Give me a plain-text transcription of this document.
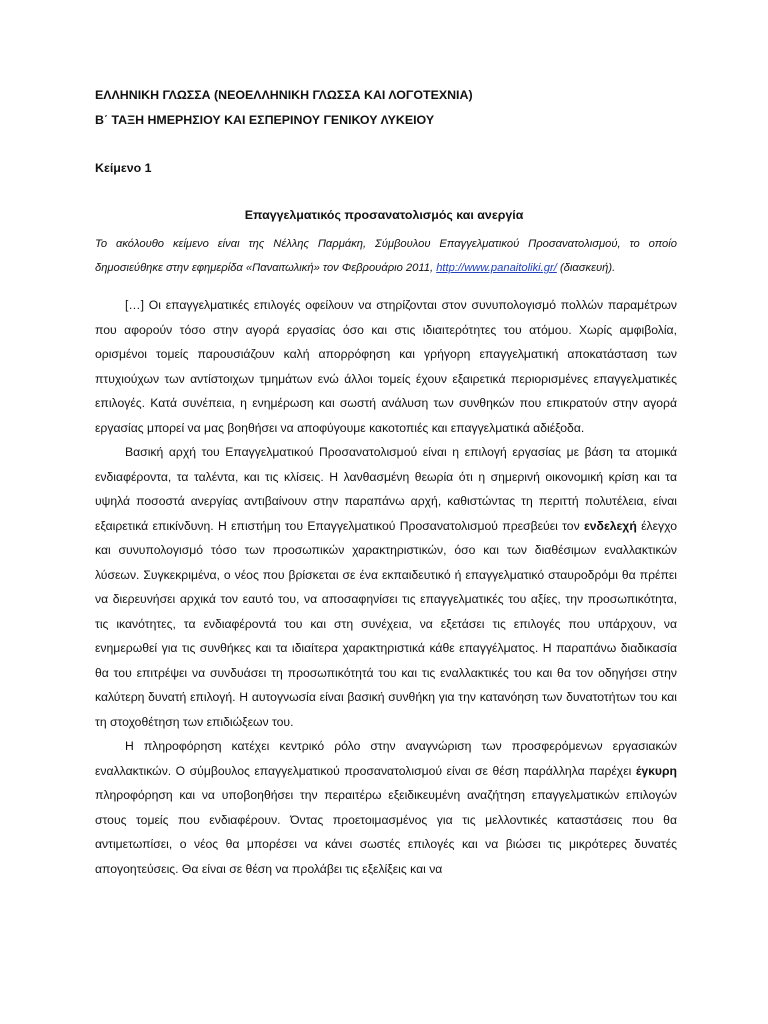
ΕΛΛΗΝΙΚΗ ΓΛΩΣΣΑ (ΝΕΟΕΛΛΗΝΙΚΗ ΓΛΩΣΣΑ ΚΑΙ ΛΟΓΟΤΕΧΝΙΑ)
Β΄ ΤΑΞΗ ΗΜΕΡΗΣΙΟΥ ΚΑΙ ΕΣΠΕΡΙΝΟΥ ΓΕΝΙΚΟΥ ΛΥΚΕΙΟΥ
Κείμενο 1
Επαγγελματικός προσανατολισμός και ανεργία
Το ακόλουθο κείμενο είναι της Νέλλης Παρμάκη, Σύμβουλου Επαγγελματικού Προσανατολισμού, το οποίο δημοσιεύθηκε στην εφημερίδα «Παναιτωλική» τον Φεβρουάριο 2011, http://www.panaitoliki.gr/ (διασκευή).

[…] Οι επαγγελματικές επιλογές οφείλουν να στηρίζονται στον συνυπολογισμό πολλών παραμέτρων που αφορούν τόσο στην αγορά εργασίας όσο και στις ιδιαιτερότητες του ατόμου. Χωρίς αμφιβολία, ορισμένοι τομείς παρουσιάζουν καλή απορρόφηση και γρήγορη επαγγελματική αποκατάσταση των πτυχιούχων των αντίστοιχων τμημάτων ενώ άλλοι τομείς έχουν εξαιρετικά περιορισμένες επαγγελματικές επιλογές. Κατά συνέπεια, η ενημέρωση και σωστή ανάλυση των συνθηκών που επικρατούν στην αγορά εργασίας μπορεί να μας βοηθήσει να αποφύγουμε κακοτοπιές και επαγγελματικά αδιέξοδα.

Βασική αρχή του Επαγγελματικού Προσανατολισμού είναι η επιλογή εργασίας με βάση τα ατομικά ενδιαφέροντα, τα ταλέντα, και τις κλίσεις. Η λανθασμένη θεωρία ότι η σημερινή οικονομική κρίση και τα υψηλά ποσοστά ανεργίας αντιβαίνουν στην παραπάνω αρχή, καθιστώντας τη περιττή πολυτέλεια, είναι εξαιρετικά επικίνδυνη. Η επιστήμη του Επαγγελματικού Προσανατολισμού πρεσβεύει τον ενδελεχή έλεγχο και συνυπολογισμό τόσο των προσωπικών χαρακτηριστικών, όσο και των διαθέσιμων εναλλακτικών λύσεων. Συγκεκριμένα, ο νέος που βρίσκεται σε ένα εκπαιδευτικό ή επαγγελματικό σταυροδρόμι θα πρέπει να διερευνήσει αρχικά τον εαυτό του, να αποσαφηνίσει τις επαγγελματικές του αξίες, την προσωπικότητα, τις ικανότητες, τα ενδιαφέροντά του και στη συνέχεια, να εξετάσει τις επιλογές που υπάρχουν, να ενημερωθεί για τις συνθήκες και τα ιδιαίτερα χαρακτηριστικά κάθε επαγγέλματος. Η παραπάνω διαδικασία θα του επιτρέψει να συνδυάσει τη προσωπικότητά του και τις εναλλακτικές του και θα τον οδηγήσει στην καλύτερη δυνατή επιλογή. Η αυτογνωσία είναι βασική συνθήκη για την κατανόηση των δυνατοτήτων του και τη στοχοθέτηση των επιδιώξεων του.

Η πληροφόρηση κατέχει κεντρικό ρόλο στην αναγνώριση των προσφερόμενων εργασιακών εναλλακτικών. Ο σύμβουλος επαγγελματικού προσανατολισμού είναι σε θέση παράλληλα παρέχει έγκυρη πληροφόρηση και να υποβοηθήσει την περαιτέρω εξειδικευμένη αναζήτηση επαγγελματικών επιλογών στους τομείς που ενδιαφέρουν. Όντας προετοιμασμένος για τις μελλοντικές καταστάσεις που θα αντιμετωπίσει, ο νέος θα μπορέσει να κάνει σωστές επιλογές και να βιώσει τις μικρότερες δυνατές απογοητεύσεις. Θα είναι σε θέση να προλάβει τις εξελίξεις και να
